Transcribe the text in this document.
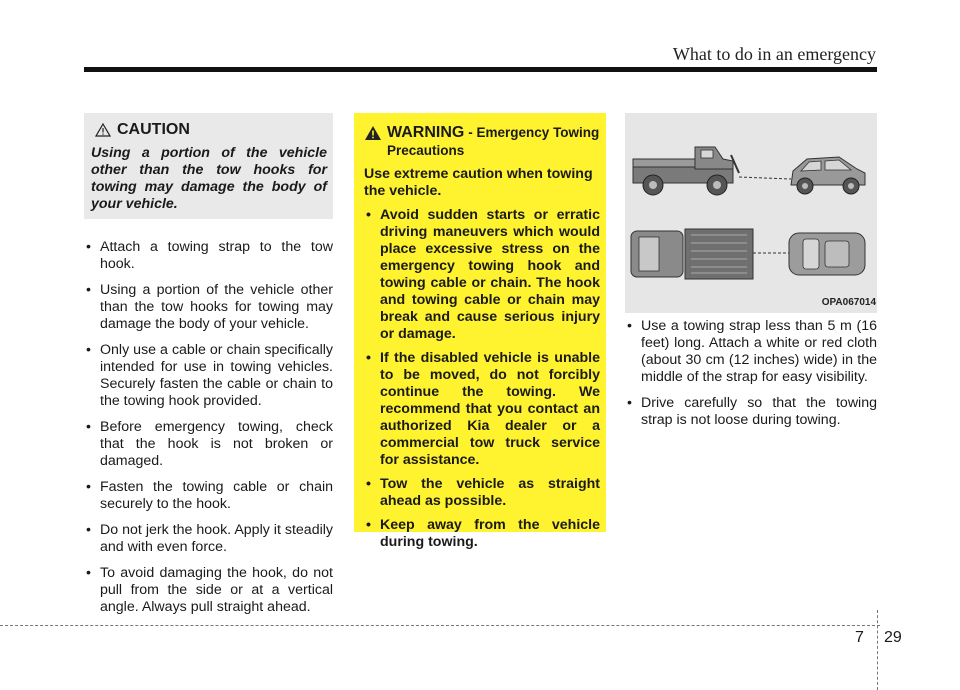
What to do in an emergency
CAUTION
Using a portion of the vehicle other than the tow hooks for towing may damage the body of your vehicle.
• Attach a towing strap to the tow hook.
• Using a portion of the vehicle other than the tow hooks for towing may damage the body of your vehicle.
• Only use a cable or chain specifically intended for use in towing vehicles. Securely fasten the cable or chain to the towing hook provided.
• Before emergency towing, check that the hook is not broken or damaged.
• Fasten the towing cable or chain securely to the hook.
• Do not jerk the hook. Apply it steadily and with even force.
• To avoid damaging the hook, do not pull from the side or at a vertical angle. Always pull straight ahead.
WARNING - Emergency Towing Precautions
Use extreme caution when towing the vehicle.
• Avoid sudden starts or erratic driving maneuvers which would place excessive stress on the emergency towing hook and towing cable or chain. The hook and towing cable or chain may break and cause serious injury or damage.
• If the disabled vehicle is unable to be moved, do not forcibly continue the towing. We recommend that you contact an authorized Kia dealer or a commercial tow truck service for assistance.
• Tow the vehicle as straight ahead as possible.
• Keep away from the vehicle during towing.
OPA067014
• Use a towing strap less than 5 m (16 feet) long. Attach a white or red cloth (about 30 cm (12 inches) wide) in the middle of the strap for easy visibility.
• Drive carefully so that the towing strap is not loose during towing.
7 29
